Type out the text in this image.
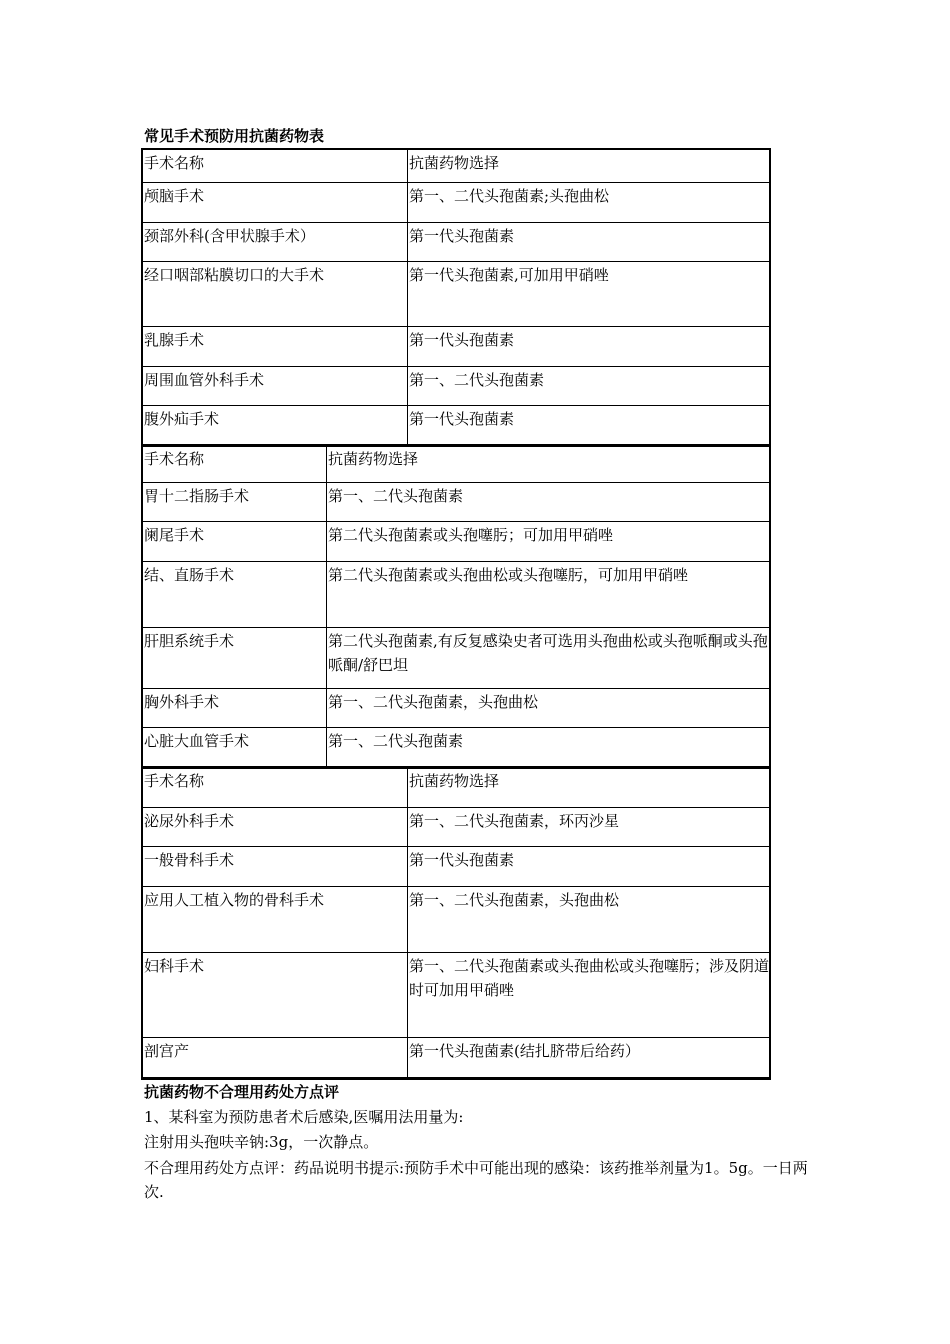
常见手术预防用抗菌药物表
手术名称	抗菌药物选择
颅脑手术	第一、二代头孢菌素;头孢曲松
颈部外科(含甲状腺手术）	第一代头孢菌素
经口咽部粘膜切口的大手术	第一代头孢菌素,可加用甲硝唑
乳腺手术	第一代头孢菌素
周围血管外科手术	第一、二代头孢菌素
腹外疝手术	第一代头孢菌素
手术名称	抗菌药物选择
胃十二指肠手术	第一、二代头孢菌素
阑尾手术	第二代头孢菌素或头孢噻肟；可加用甲硝唑
结、直肠手术	第二代头孢菌素或头孢曲松或头孢噻肟，可加用甲硝唑
肝胆系统手术	第二代头孢菌素,有反复感染史者可选用头孢曲松或头孢哌酮或头孢哌酮/舒巴坦
胸外科手术	第一、二代头孢菌素，头孢曲松
心脏大血管手术	第一、二代头孢菌素
手术名称	抗菌药物选择
泌尿外科手术	第一、二代头孢菌素，环丙沙星
一般骨科手术	第一代头孢菌素
应用人工植入物的骨科手术	第一、二代头孢菌素，头孢曲松
妇科手术	第一、二代头孢菌素或头孢曲松或头孢噻肟；涉及阴道时可加用甲硝唑
剖宫产	第一代头孢菌素(结扎脐带后给药）
抗菌药物不合理用药处方点评
1、某科室为预防患者术后感染,医嘱用法用量为:
注射用头孢呋辛钠:3g，一次静点。
不合理用药处方点评：药品说明书提示:预防手术中可能出现的感染：该药推举剂量为1。5g。一日两次.
